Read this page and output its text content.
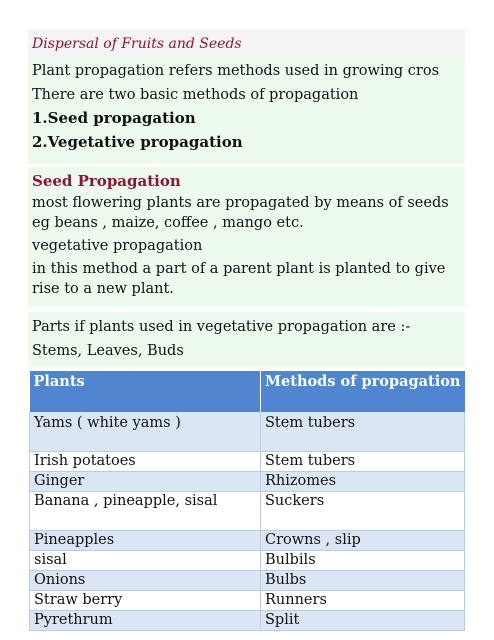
Dispersal of Fruits and Seeds

Plant propagation refers methods used in growing cros

There are two basic methods of propagation

1.Seed propagation

2.Vegetative propagation

Seed Propagation

most flowering plants are propagated by means of seeds eg beans , maize, coffee , mango etc.

vegetative propagation

in this method a part of a parent plant is planted to give rise to a new plant.

Parts if plants used in vegetative propagation are :-

Stems, Leaves, Buds

Plants	Methods of propagation
Yams ( white yams )	Stem tubers
Irish potatoes	Stem tubers
Ginger	Rhizomes
Banana , pineapple, sisal	Suckers
Pineapples	Crowns , slip
sisal	Bulbils
Onions	Bulbs
Straw berry	Runners
Pyrethrum	Split
